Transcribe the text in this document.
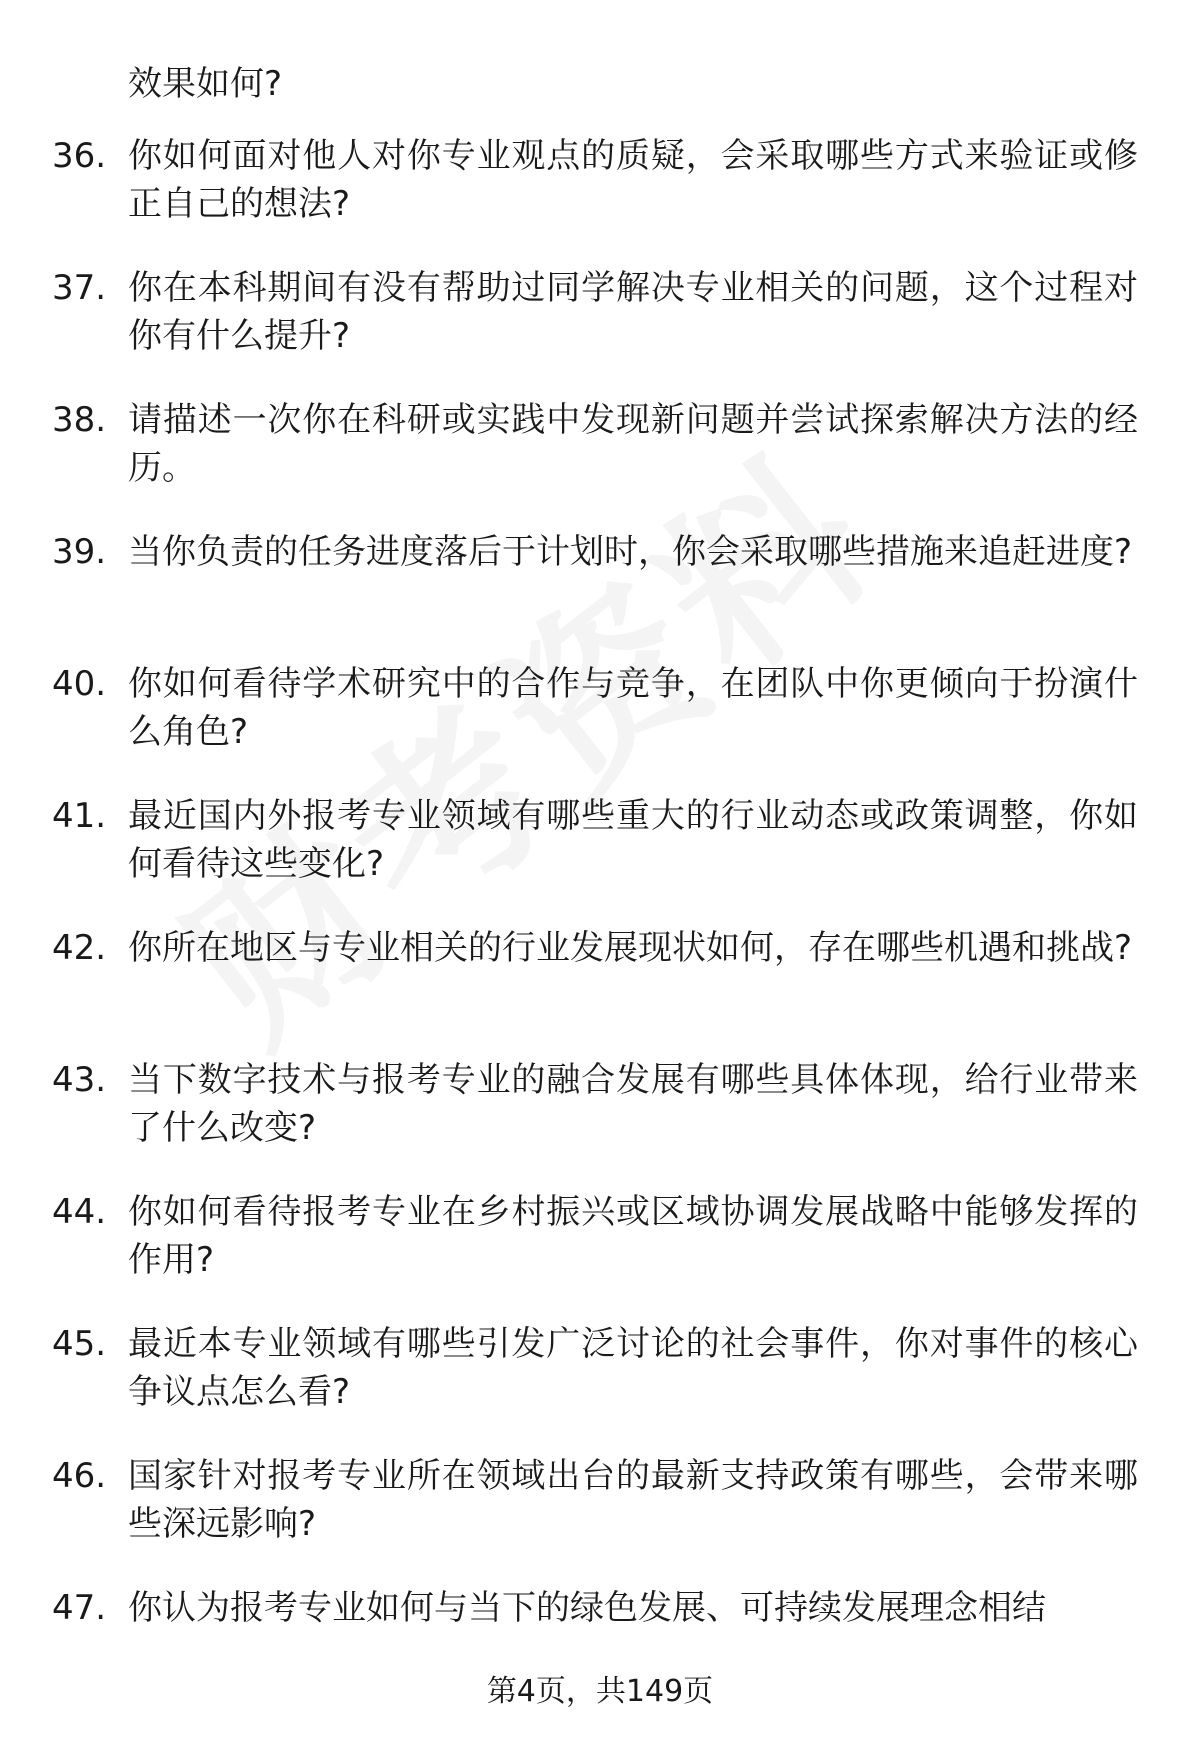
效果如何?
36. 你如何面对他人对你专业观点的质疑，会采取哪些方式来验证或修正自己的想法?
37. 你在本科期间有没有帮助过同学解决专业相关的问题，这个过程对你有什么提升?
38. 请描述一次你在科研或实践中发现新问题并尝试探索解决方法的经历。
39. 当你负责的任务进度落后于计划时，你会采取哪些措施来追赶进度?
40. 你如何看待学术研究中的合作与竞争，在团队中你更倾向于扮演什么角色?
41. 最近国内外报考专业领域有哪些重大的行业动态或政策调整，你如何看待这些变化?
42. 你所在地区与专业相关的行业发展现状如何，存在哪些机遇和挑战?
43. 当下数字技术与报考专业的融合发展有哪些具体体现，给行业带来了什么改变?
44. 你如何看待报考专业在乡村振兴或区域协调发展战略中能够发挥的作用?
45. 最近本专业领域有哪些引发广泛讨论的社会事件，你对事件的核心争议点怎么看?
46. 国家针对报考专业所在领域出台的最新支持政策有哪些，会带来哪些深远影响?
47. 你认为报考专业如何与当下的绿色发展、可持续发展理念相结
第4页，共149页
